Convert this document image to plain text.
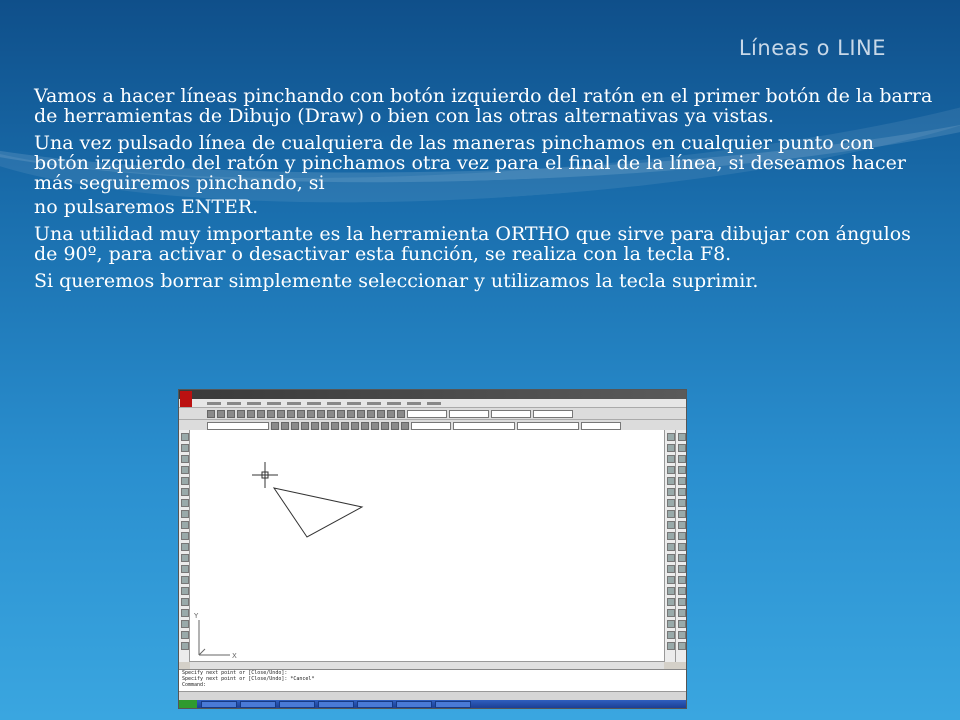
Líneas o LINE

Vamos a hacer líneas pinchando con botón izquierdo del ratón en el primer botón de la barra de herramientas de Dibujo (Draw) o bien con las otras alternativas ya vistas.

Una vez pulsado línea de cualquiera de las maneras pinchamos en cualquier punto con botón izquierdo del ratón y pinchamos otra vez para el final de la línea, si deseamos hacer más seguiremos pinchando, si

no pulsaremos ENTER.

Una utilidad muy importante es la herramienta ORTHO que sirve para dibujar con ángulos de 90º, para activar o desactivar esta función, se realiza con la tecla F8.

Si queremos borrar simplemente seleccionar y utilizamos la tecla suprimir.

Y
X
Specify next point or [Close/Undo]:
Specify next point or [Close/Undo]: *Cancel*
Command:
